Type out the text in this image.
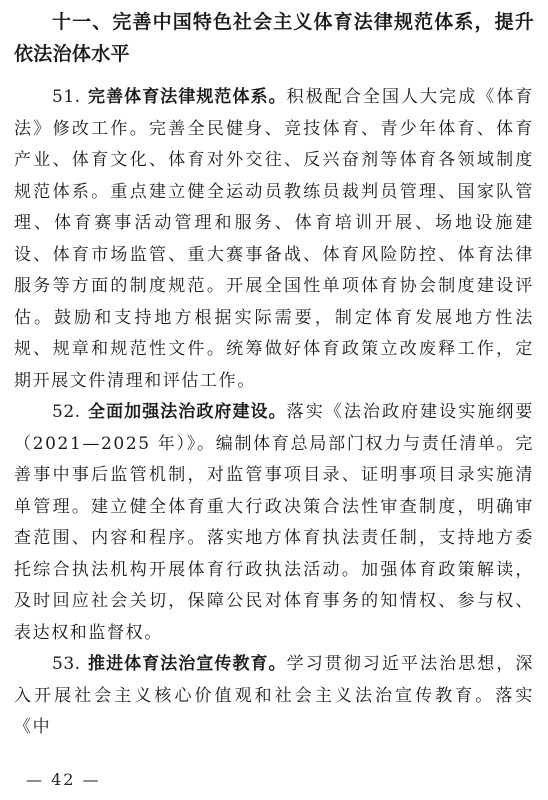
十一、完善中国特色社会主义体育法律规范体系，提升依法治体水平

51. 完善体育法律规范体系。积极配合全国人大完成《体育法》修改工作。完善全民健身、竞技体育、青少年体育、体育产业、体育文化、体育对外交往、反兴奋剂等体育各领域制度规范体系。重点建立健全运动员教练员裁判员管理、国家队管理、体育赛事活动管理和服务、体育培训开展、场地设施建设、体育市场监管、重大赛事备战、体育风险防控、体育法律服务等方面的制度规范。开展全国性单项体育协会制度建设评估。鼓励和支持地方根据实际需要，制定体育发展地方性法规、规章和规范性文件。统筹做好体育政策立改废释工作，定期开展文件清理和评估工作。

52. 全面加强法治政府建设。落实《法治政府建设实施纲要（2021—2025 年）》。编制体育总局部门权力与责任清单。完善事中事后监管机制，对监管事项目录、证明事项目录实施清单管理。建立健全体育重大行政决策合法性审查制度，明确审查范围、内容和程序。落实地方体育执法责任制，支持地方委托综合执法机构开展体育行政执法活动。加强体育政策解读，及时回应社会关切，保障公民对体育事务的知情权、参与权、表达权和监督权。

53. 推进体育法治宣传教育。学习贯彻习近平法治思想，深入开展社会主义核心价值观和社会主义法治宣传教育。落实《中

— 42 —
